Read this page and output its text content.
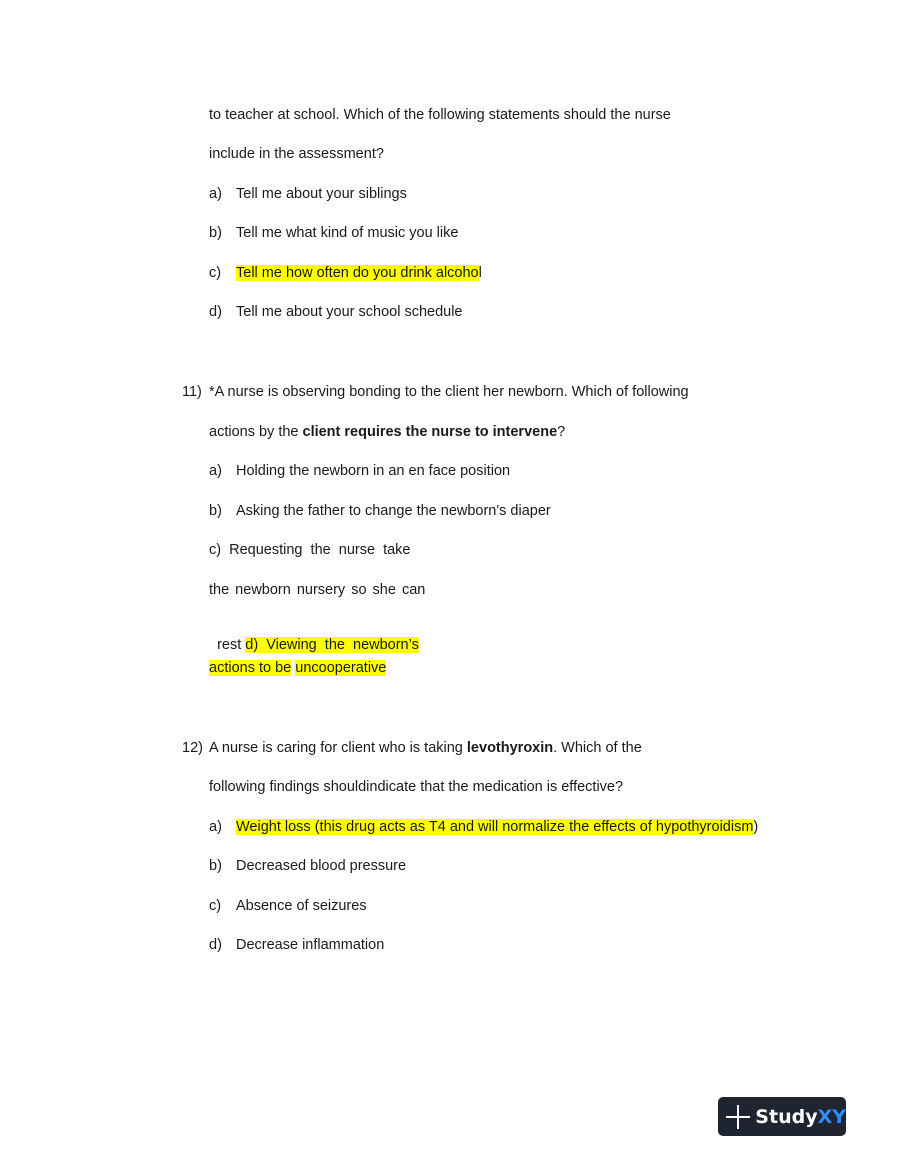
to teacher at school. Which of the following statements should the nurse
include in the assessment?
a) Tell me about your siblings
b) Tell me what kind of music you like
c) Tell me how often do you drink alcohol
d) Tell me about your school schedule
11) *A nurse is observing bonding to the client her newborn. Which of following
actions by the client requires the nurse to intervene?
a) Holding the newborn in an en face position
b) Asking the father to change the newborn's diaper
c)  Requesting  the  nurse  take
the newborn nursery so she can

rest d)  Viewing  the  newborn’s

actions to be uncooperative
12) A nurse is caring for client who is taking levothyroxin. Which of the
following findings shouldindicate that the medication is effective?
a) Weight loss (this drug acts as T4 and will normalize the effects of hypothyroidism)
b) Decreased blood pressure
c) Absence of seizures
d) Decrease inflammation
Study XY
